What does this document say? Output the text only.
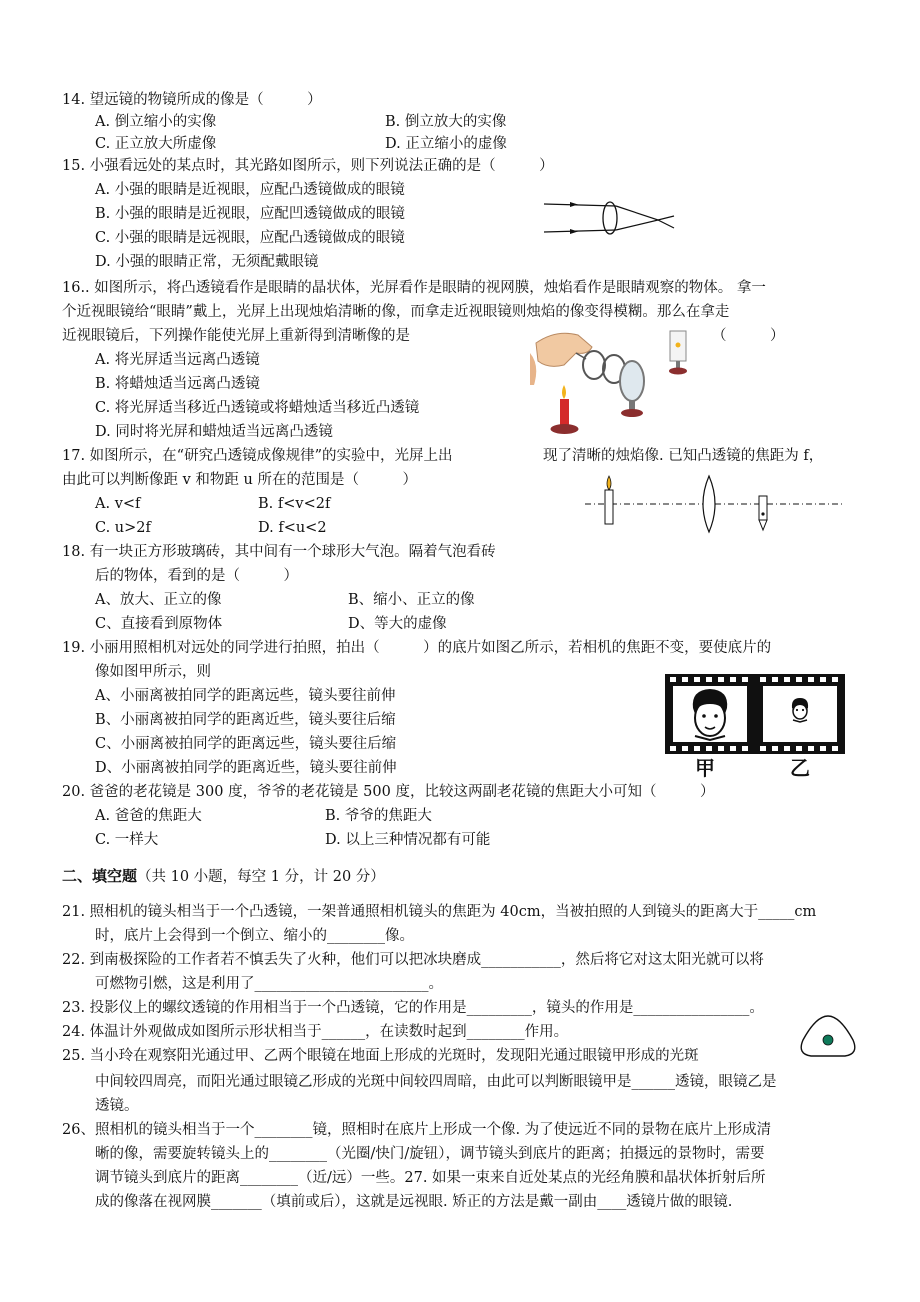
14. 望远镜的物镜所成的像是（　　　）
A. 倒立缩小的实像	B. 倒立放大的实像
C. 正立放大所虚像	D. 正立缩小的虚像
15. 小强看远处的某点时，其光路如图所示，则下列说法正确的是（　　　）
A. 小强的眼睛是近视眼，应配凸透镜做成的眼镜
B. 小强的眼睛是近视眼，应配凹透镜做成的眼镜
C. 小强的眼睛是远视眼，应配凸透镜做成的眼镜
D. 小强的眼睛正常，无须配戴眼镜
16.. 如图所示，将凸透镜看作是眼睛的晶状体，光屏看作是眼睛的视网膜，烛焰看作是眼睛观察的物体。 拿一
个近视眼镜给“眼睛”戴上，光屏上出现烛焰清晰的像，而拿走近视眼镜则烛焰的像变得模糊。那么在拿走
近视眼镜后，下列操作能使光屏上重新得到清晰像的是	（　　　）
A. 将光屏适当远离凸透镜
B. 将蜡烛适当远离凸透镜
C. 将光屏适当移近凸透镜或将蜡烛适当移近凸透镜
D. 同时将光屏和蜡烛适当远离凸透镜
17. 如图所示，在“研究凸透镜成像规律”的实验中，光屏上出	现了清晰的烛焰像. 已知凸透镜的焦距为 f，
由此可以判断像距 v 和物距 u 所在的范围是（　　　）
A. v<f	B. f<v<2f
C. u>2f	D. f<u<2
18. 有一块正方形玻璃砖，其中间有一个球形大气泡。隔着气泡看砖
后的物体，看到的是（　　　）
A、放大、正立的像	B、缩小、正立的像
C、直接看到原物体	D、等大的虚像
19. 小丽用照相机对远处的同学进行拍照，拍出（　　　）的底片如图乙所示，若相机的焦距不变，要使底片的
像如图甲所示，则
A、小丽离被拍同学的距离远些，镜头要往前伸
B、小丽离被拍同学的距离近些，镜头要往后缩
C、小丽离被拍同学的距离远些，镜头要往后缩
D、小丽离被拍同学的距离近些，镜头要往前伸	甲	乙
20. 爸爸的老花镜是 300 度，爷爷的老花镜是 500 度，比较这两副老花镜的焦距大小可知（　　　）
A. 爸爸的焦距大	B. 爷爷的焦距大
C. 一样大	D. 以上三种情况都有可能
二、填空题（共 10 小题，每空 1 分，计 20 分）
21. 照相机的镜头相当于一个凸透镜，一架普通照相机镜头的焦距为 40cm，当被拍照的人到镜头的距离大于_____cm
时，底片上会得到一个倒立、缩小的________像。
22. 到南极探险的工作者若不慎丢失了火种，他们可以把冰块磨成___________，然后将它对这太阳光就可以将
可燃物引燃，这是利用了________________________。
23. 投影仪上的螺纹透镜的作用相当于一个凸透镜，它的作用是_________，镜头的作用是________________。
24. 体温计外观做成如图所示形状相当于______，在读数时起到________作用。
25. 当小玲在观察阳光通过甲、乙两个眼镜在地面上形成的光斑时，发现阳光通过眼镜甲形成的光斑
中间较四周亮，而阳光通过眼镜乙形成的光斑中间较四周暗，由此可以判断眼镜甲是______透镜，眼镜乙是
透镜。
26、照相机的镜头相当于一个________镜，照相时在底片上形成一个像. 为了使远近不同的景物在底片上形成清
晰的像，需要旋转镜头上的________（光圈/快门/旋钮），调节镜头到底片的距离；拍摄远的景物时，需要
调节镜头到底片的距离________（近/远）一些。27. 如果一束来自近处某点的光经角膜和晶状体折射后所
成的像落在视网膜_______（填前或后），这就是远视眼. 矫正的方法是戴一副由____透镜片做的眼镜.
